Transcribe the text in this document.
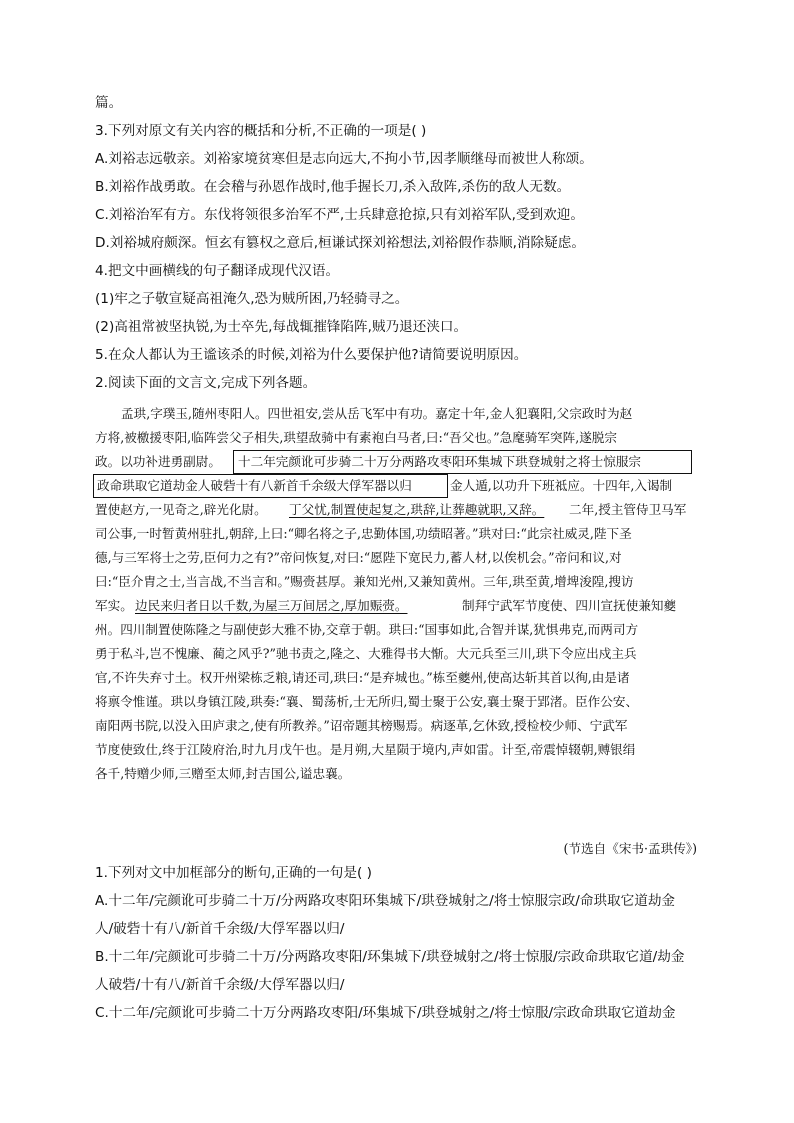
篇。
3.下列对原文有关内容的概括和分析,不正确的一项是( )
A.刘裕志远敬亲。刘裕家境贫寒但是志向远大,不拘小节,因孝顺继母而被世人称颂。
B.刘裕作战勇敢。在会稽与孙恩作战时,他手握长刀,杀入敌阵,杀伤的敌人无数。
C.刘裕治军有方。东伐将领很多治军不严,士兵肆意抢掠,只有刘裕军队,受到欢迎。
D.刘裕城府颇深。恒玄有篡权之意后,桓谦试探刘裕想法,刘裕假作恭顺,消除疑虑。
4.把文中画横线的句子翻译成现代汉语。
(1)牢之子敬宣疑高祖淹久,恐为贼所困,乃轻骑寻之。
(2)高祖常被坚执锐,为士卒先,每战辄摧锋陷阵,贼乃退还浃口。
5.在众人都认为王谧该杀的时候,刘裕为什么要保护他?请简要说明原因。
2.阅读下面的文言文,完成下列各题。
孟珙,字璞玉,随州枣阳人。四世祖安,尝从岳飞军中有功。嘉定十年,金人犯襄阳,父宗政时为赵
方将,被檄援枣阳,临阵尝父子相失,珙望敌骑中有素袍白马者,曰:“吾父也。”急麾骑军突阵,遂脱宗
政。以功补进勇副尉。 十二年完颜讹可步骑二十万分两路攻枣阳环集城下珙登城射之将士惊服宗
政命珙取它道劫金人破砦十有八新首千余级大俘军器以归	金人遁,以功升下班祗应。十四年,入谒制
置使赵方,一见奇之,辟光化尉。 丁父忧,制置使起复之,珙辞,让葬趣就职,又辞。 二年,授主管侍卫马军
司公事,一时暂黄州驻扎,朝辞,上曰:“卿名将之子,忠勤体国,功绩昭著。”珙对曰:“此宗社威灵,陛下圣
德,与三军将士之劳,臣何力之有?”帝问恢复,对曰:“愿陛下宽民力,蓄人材,以俟机会。”帝问和议,对
曰:“臣介胄之士,当言战,不当言和。”赐赍甚厚。兼知光州,又兼知黄州。三年,珙至黄,增埤浚隍,搜访
军实。 边民来归者日以千数,为屋三万间居之,厚加赈赍。	制拜宁武军节度使、四川宣抚使兼知夔
州。四川制置使陈隆之与副使彭大雅不协,交章于朝。珙曰:“国事如此,合智并谋,犹惧弗克,而两司方
勇于私斗,岂不愧廉、蔺之风乎?”驰书责之,隆之、大雅得书大惭。大元兵至三川,珙下令应出戍主兵
官,不许失弃寸土。权开州梁栋乏粮,请还司,珙曰:“是弃城也。”栋至夔州,使高达斩其首以徇,由是诸
将禀令惟谨。珙以身镇江陵,珙奏:“襄、蜀荡析,士无所归,蜀士聚于公安,襄士聚于郢渚。臣作公安、
南阳两书院,以没入田庐隶之,使有所教养。”诏帝题其榜赐焉。病逐革,乞休致,授检校少师、宁武军
节度使致仕,终于江陵府治,时九月戊午也。是月朔,大星陨于境内,声如雷。计至,帝震悼辍朝,赙银绢
各千,特赠少师,三赠至太师,封吉国公,谥忠襄。
(节选自《宋书·孟珙传》)
1.下列对文中加框部分的断句,正确的一句是( )
A.十二年/完颜讹可步骑二十万/分两路攻枣阳环集城下/珙登城射之/将士惊服宗政/命珙取它道劫金
人/破砦十有八/新首千余级/大俘军器以归/
B.十二年/完颜讹可步骑二十万/分两路攻枣阳/环集城下/珙登城射之/将士惊服/宗政命珙取它道/劫金
人破砦/十有八/新首千余级/大俘军器以归/
C.十二年/完颜讹可步骑二十万分两路攻枣阳/环集城下/珙登城射之/将士惊服/宗政命珙取它道劫金
